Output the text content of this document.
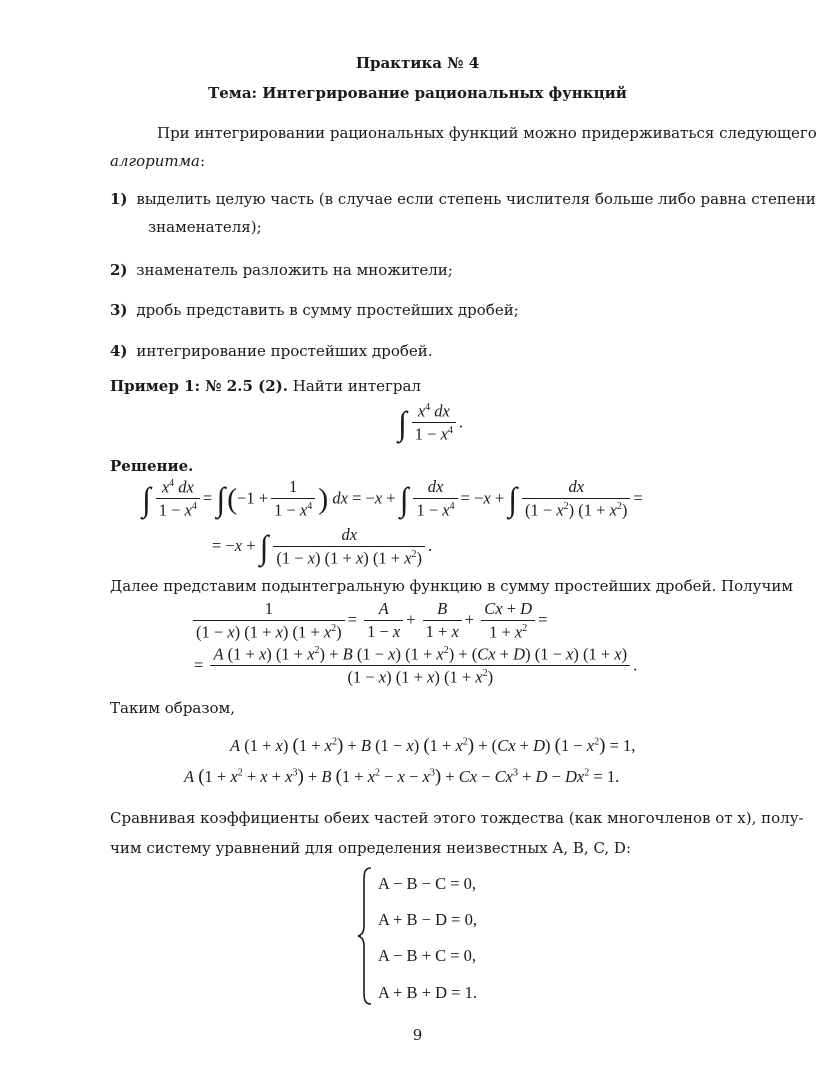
Практика № 4
Тема: Интегрирование рациональных функций
При интегрировании рациональных функций можно придерживаться следующего
алгоритма:
1) выделить целую часть (в случае если степень числителя больше либо равна степени
знаменателя);
2) знаменатель разложить на множители;
3) дробь представить в сумму простейших дробей;
4) интегрирование простейших дробей.
Пример 1: № 2.5 (2). Найти интеграл
∫ $\frac{x^4 dx}{1 - x^4}$ .
Решение.
∫ $\frac{x^4 dx}{1 - x^4} = \int(-1 + \frac{1}{1 - x^4}$ ) dx = −x + ∫ $\frac{dx}{1 - x^4} = -x$ + ∫ $\frac{dx}{(1 - x^2) (1 + x^2)}$ =
= −x + ∫ $\frac{dx}{(1 - x) (1 + x) (1 + x^2)}$ .
Далее представим подынтегральную функцию в сумму простейших дробей. Получим
$\frac{1}{(1 - x) (1 + x) (1 + x^2)} = \frac{A}{1 - x} + \frac{B}{1 + x} + \frac{Cx + D}{1 + x^2}$ =
=
A (1 + x) $(1 + x^2) + B$ (1 − x) $(1 + x^2) + (Cx + D)$ (1 − x) (1 + x)
(1 − x) (1 + x) $(1 + x^2)$
.
Таким образом,
A (1 + x) $(1 + x^2) + B$ (1 − x) $(1 + x^2) + (Cx + D)$ $(1 - x^2) = 1$,
A $(1 + x^2 + x + x^3) + B$ $(1 + x^2 - x - x^3) + Cx - Cx^3 + D - Dx^2 = 1$.
Сравнивая коэффициенты обеих частей этого тождества (как многочленов от x), полу-
чим систему уравнений для определения неизвестных A, B, C, D:
A − B − C = 0,
A + B − D = 0,
A − B + C = 0,
A + B + D = 1.
9
